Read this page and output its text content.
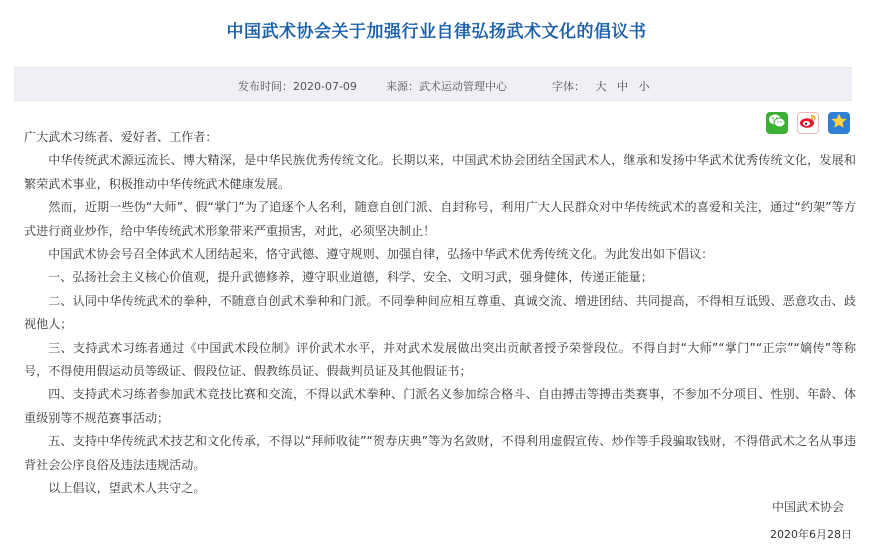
中国武术协会关于加强行业自律弘扬武术文化的倡议书
发布时间：2020-07-09	来源：武术运动管理中心	字体： 大 中 小

广大武术习练者、爱好者、工作者：

中华传统武术源远流长、博大精深，是中华民族优秀传统文化。长期以来，中国武术协会团结全国武术人，继承和发扬中华武术优秀传统文化，发展和繁荣武术事业，积极推动中华传统武术健康发展。

然而，近期一些伪“大师”、假“掌门”为了追逐个人名利，随意自创门派、自封称号，利用广大人民群众对中华传统武术的喜爱和关注，通过“约架”等方式进行商业炒作，给中华传统武术形象带来严重损害，对此，必须坚决制止！

中国武术协会号召全体武术人团结起来，恪守武德、遵守规则、加强自律，弘扬中华武术优秀传统文化。为此发出如下倡议：

一、弘扬社会主义核心价值观，提升武德修养，遵守职业道德，科学、安全、文明习武，强身健体，传递正能量；

二、认同中华传统武术的拳种，不随意自创武术拳种和门派。不同拳种间应相互尊重、真诚交流、增进团结、共同提高，不得相互诋毁、恶意攻击、歧视他人；

三、支持武术习练者通过《中国武术段位制》评价武术水平，并对武术发展做出突出贡献者授予荣誉段位。不得自封“大师”“掌门”“正宗”“嫡传”等称号，不得使用假运动员等级证、假段位证、假教练员证、假裁判员证及其他假证书；

四、支持武术习练者参加武术竞技比赛和交流，不得以武术拳种、门派名义参加综合格斗、自由搏击等搏击类赛事，不参加不分项目、性别、年龄、体重级别等不规范赛事活动；

五、支持中华传统武术技艺和文化传承，不得以“拜师收徒”“贺寿庆典”等为名敛财，不得利用虚假宣传、炒作等手段骗取钱财，不得借武术之名从事违背社会公序良俗及违法违规活动。

以上倡议，望武术人共守之。

中国武术协会
2020年6月28日
